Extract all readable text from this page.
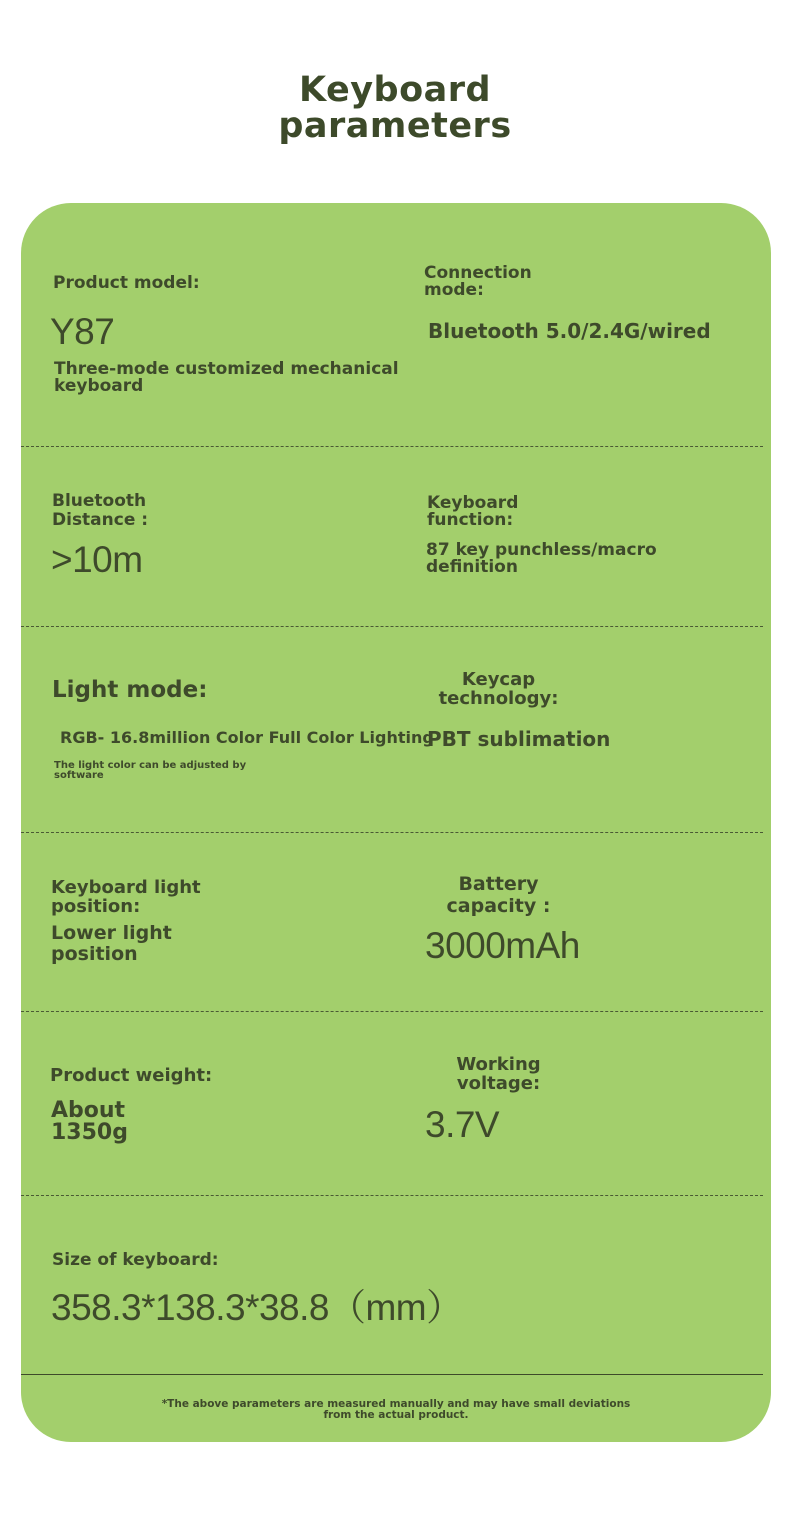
Keyboard
parameters
Product model:
Y87
Three-mode customized mechanical
keyboard
Connection
mode:
Bluetooth 5.0/2.4G/wired
Bluetooth
Distance :
>10m
Keyboard
function:
87 key punchless/macro
definition
Light mode:
RGB- 16.8million Color Full Color Lighting
The light color can be adjusted by
software
Keycap
technology:
PBT sublimation
Keyboard light
position:
Lower light
position
Battery
capacity :
3000mAh
Product weight:
About
1350g
Working
voltage:
3.7V
Size of keyboard:
358.3*138.3*38.8（mm）
*The above parameters are measured manually and may have small deviations
from the actual product.
